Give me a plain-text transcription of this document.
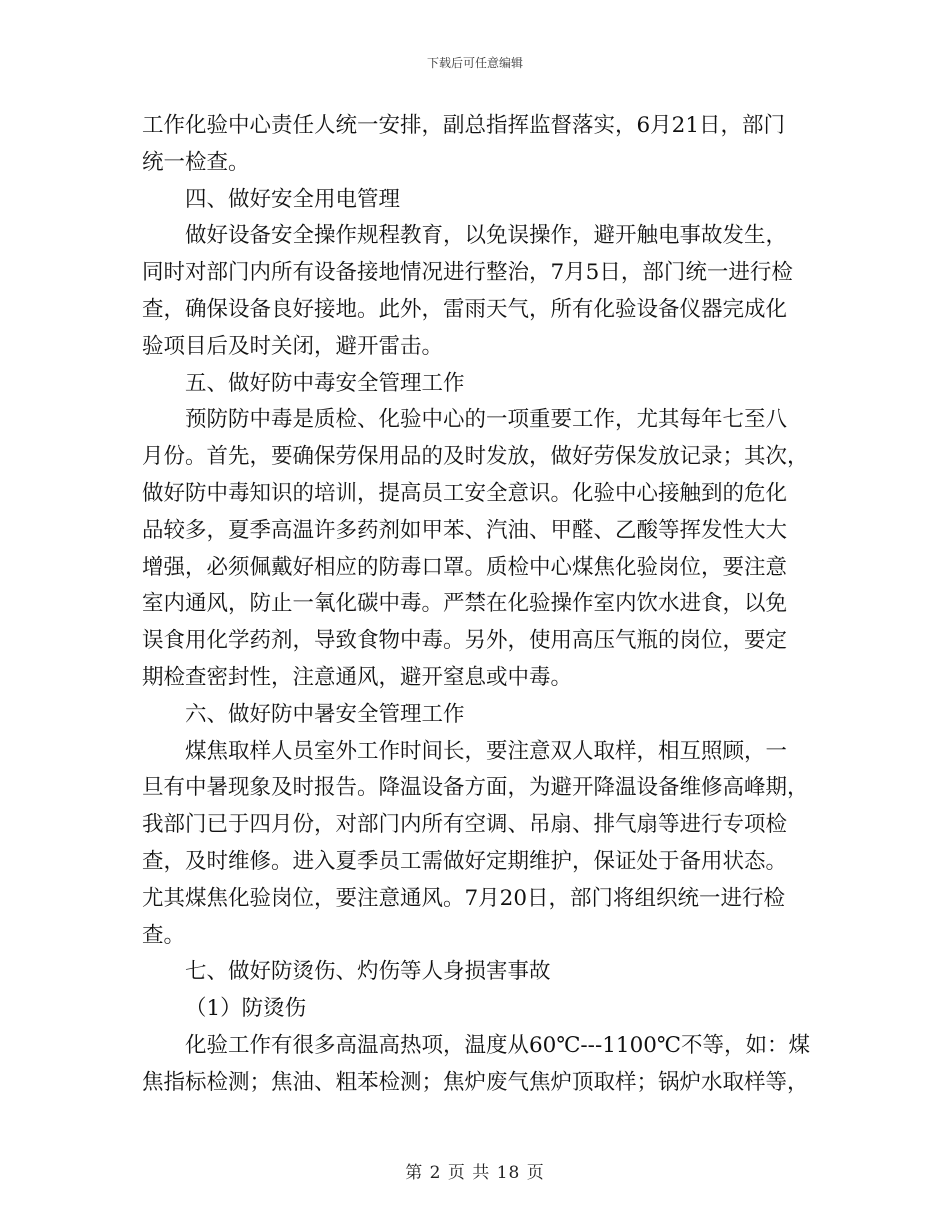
下载后可任意编辑

工作化验中心责任人统一安排，副总指挥监督落实，6月21日，部门

统一检查。

四、做好安全用电管理

做好设备安全操作规程教育，以免误操作，避开触电事故发生，

同时对部门内所有设备接地情况进行整治，7月5日，部门统一进行检

查，确保设备良好接地。此外，雷雨天气，所有化验设备仪器完成化

验项目后及时关闭，避开雷击。

五、做好防中毒安全管理工作

预防防中毒是质检、化验中心的一项重要工作，尤其每年七至八

月份。首先，要确保劳保用品的及时发放，做好劳保发放记录；其次，

做好防中毒知识的培训，提高员工安全意识。化验中心接触到的危化

品较多，夏季高温许多药剂如甲苯、汽油、甲醛、乙酸等挥发性大大

增强，必须佩戴好相应的防毒口罩。质检中心煤焦化验岗位，要注意

室内通风，防止一氧化碳中毒。严禁在化验操作室内饮水进食，以免

误食用化学药剂，导致食物中毒。另外，使用高压气瓶的岗位，要定

期检查密封性，注意通风，避开窒息或中毒。

六、做好防中暑安全管理工作

煤焦取样人员室外工作时间长，要注意双人取样，相互照顾，一

旦有中暑现象及时报告。降温设备方面，为避开降温设备维修高峰期，

我部门已于四月份，对部门内所有空调、吊扇、排气扇等进行专项检

查，及时维修。进入夏季员工需做好定期维护，保证处于备用状态。

尤其煤焦化验岗位，要注意通风。7月20日，部门将组织统一进行检

查。

七、做好防烫伤、灼伤等人身损害事故

（1）防烫伤

化验工作有很多高温高热项，温度从60℃---1100℃不等，如：煤

焦指标检测；焦油、粗苯检测；焦炉废气焦炉顶取样；锅炉水取样等，

第 2 页 共 18 页
